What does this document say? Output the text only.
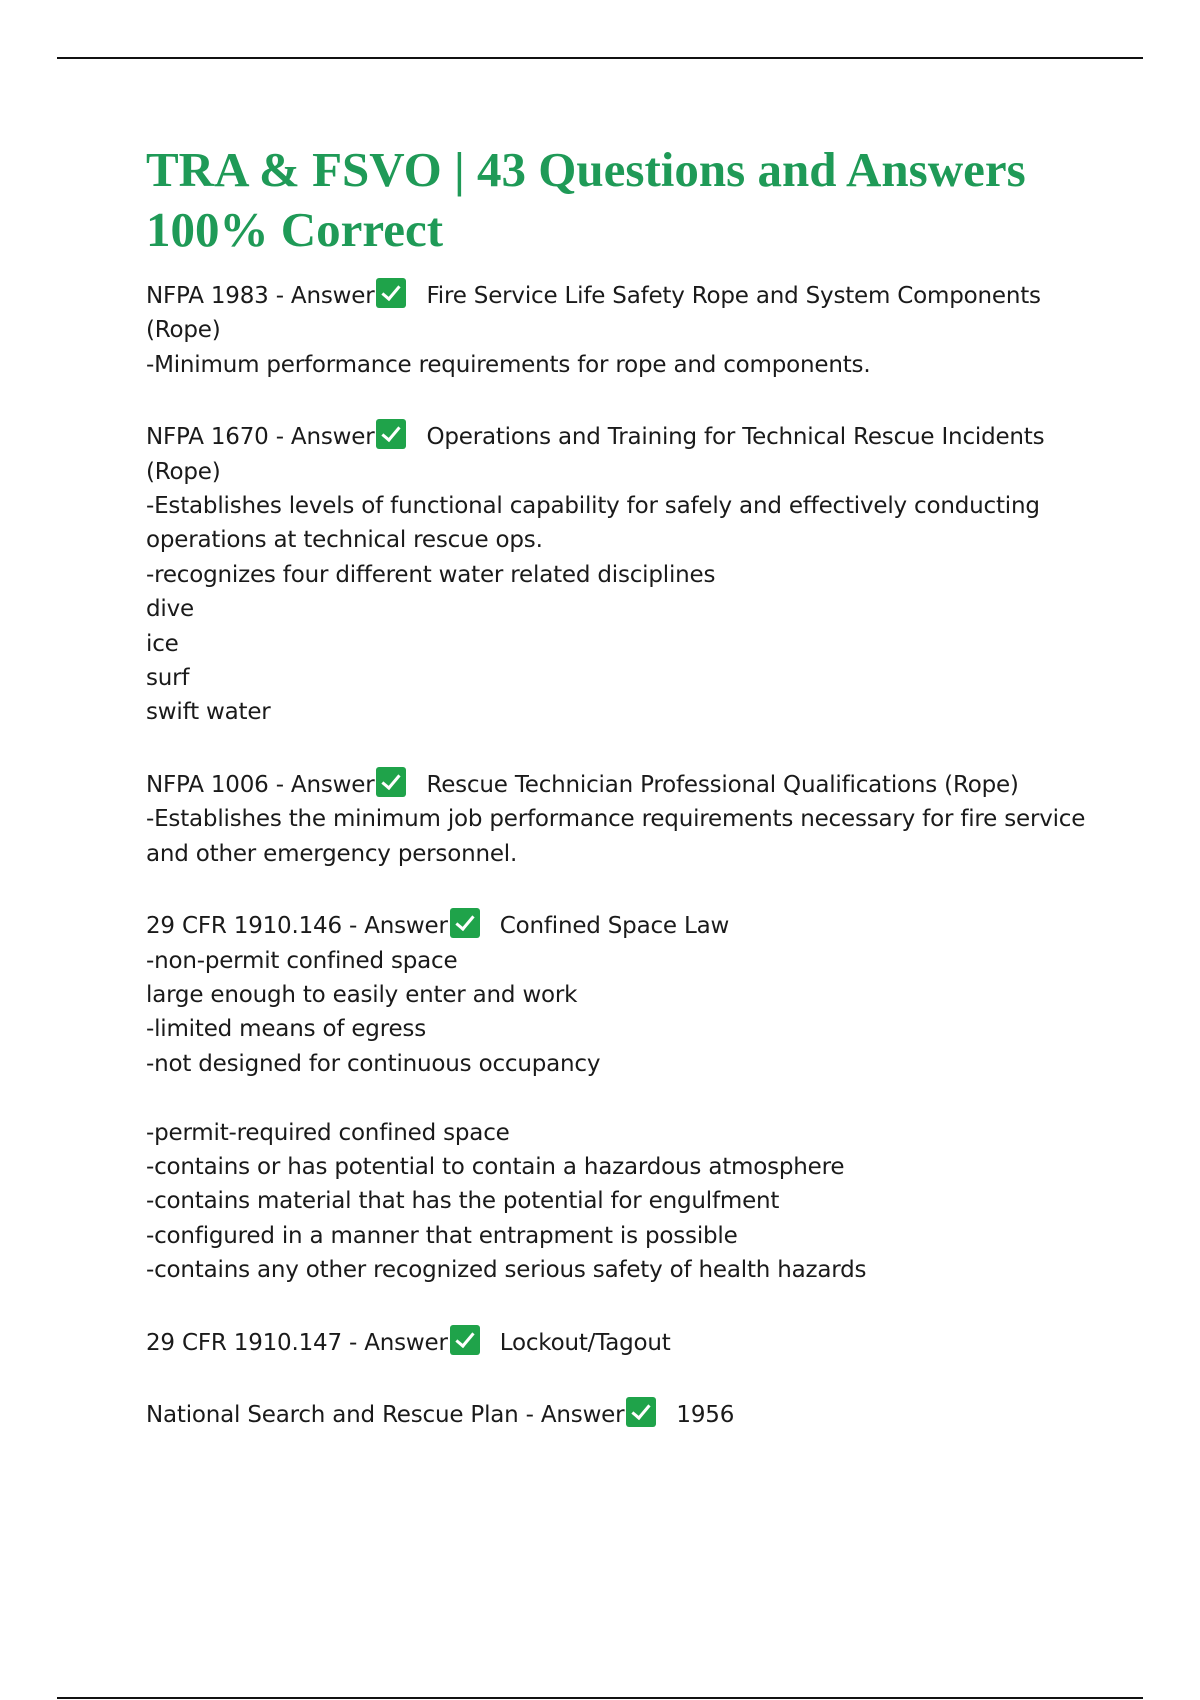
TRA & FSVO | 43 Questions and Answers 100% Correct
NFPA 1983 - Answer Fire Service Life Safety Rope and System Components (Rope)
-Minimum performance requirements for rope and components.
NFPA 1670 - Answer Operations and Training for Technical Rescue Incidents (Rope)
-Establishes levels of functional capability for safely and effectively conducting operations at technical rescue ops.
-recognizes four different water related disciplines
dive
ice
surf
swift water
NFPA 1006 - Answer Rescue Technician Professional Qualifications (Rope)
-Establishes the minimum job performance requirements necessary for fire service and other emergency personnel.
29 CFR 1910.146 - Answer Confined Space Law
-non-permit confined space
large enough to easily enter and work
-limited means of egress
-not designed for continuous occupancy
-permit-required confined space
-contains or has potential to contain a hazardous atmosphere
-contains material that has the potential for engulfment
-configured in a manner that entrapment is possible
-contains any other recognized serious safety of health hazards
29 CFR 1910.147 - Answer Lockout/Tagout
National Search and Rescue Plan - Answer 1956
